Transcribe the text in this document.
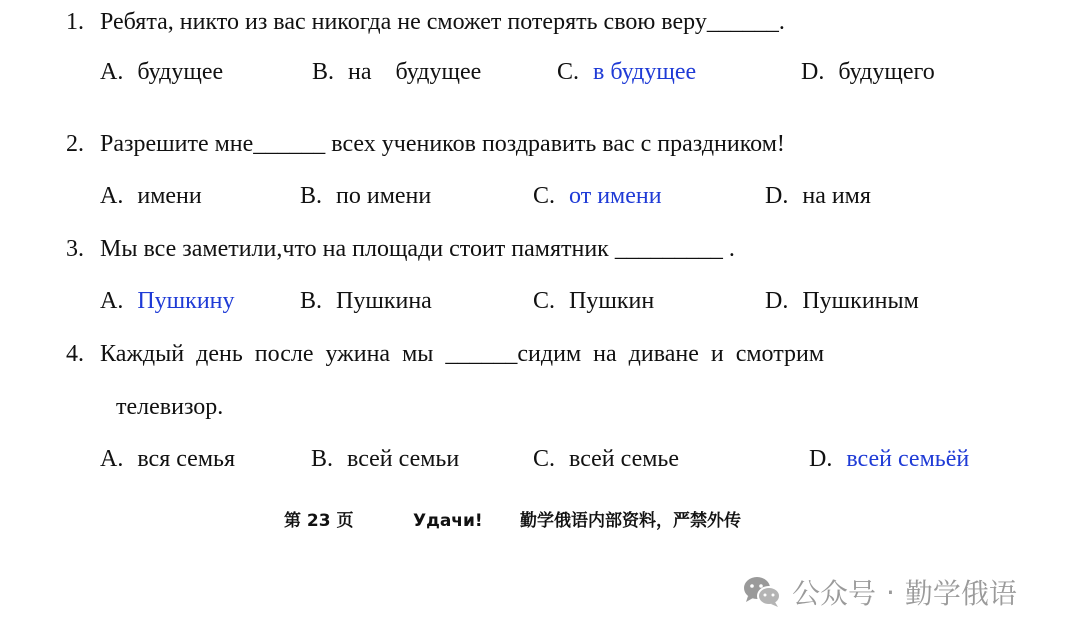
1. Ребята, никто из вас никогда не сможет потерять свою веру______.
A. будущее	B. на    будущее	C. в будущее	D. будущего
2. Разрешите мне______ всех учеников поздравить вас с праздником!
A. имени	B. по имени	C. от имени	D. на имя
3. Мы все заметили,что на площади стоит памятник _________ .
A. Пушкину	B. Пушкина	C. Пушкин	D. Пушкиным
4. Каждый  день  после  ужина  мы  ______сидим  на  диване  и  смотрим
телевизор.
A. вся семья	B. всей семьи	C. всей семье	D. всей семьёй
第 23 页	Удачи! 勤学俄语内部资料，严禁外传
公众号 · 勤学俄语
